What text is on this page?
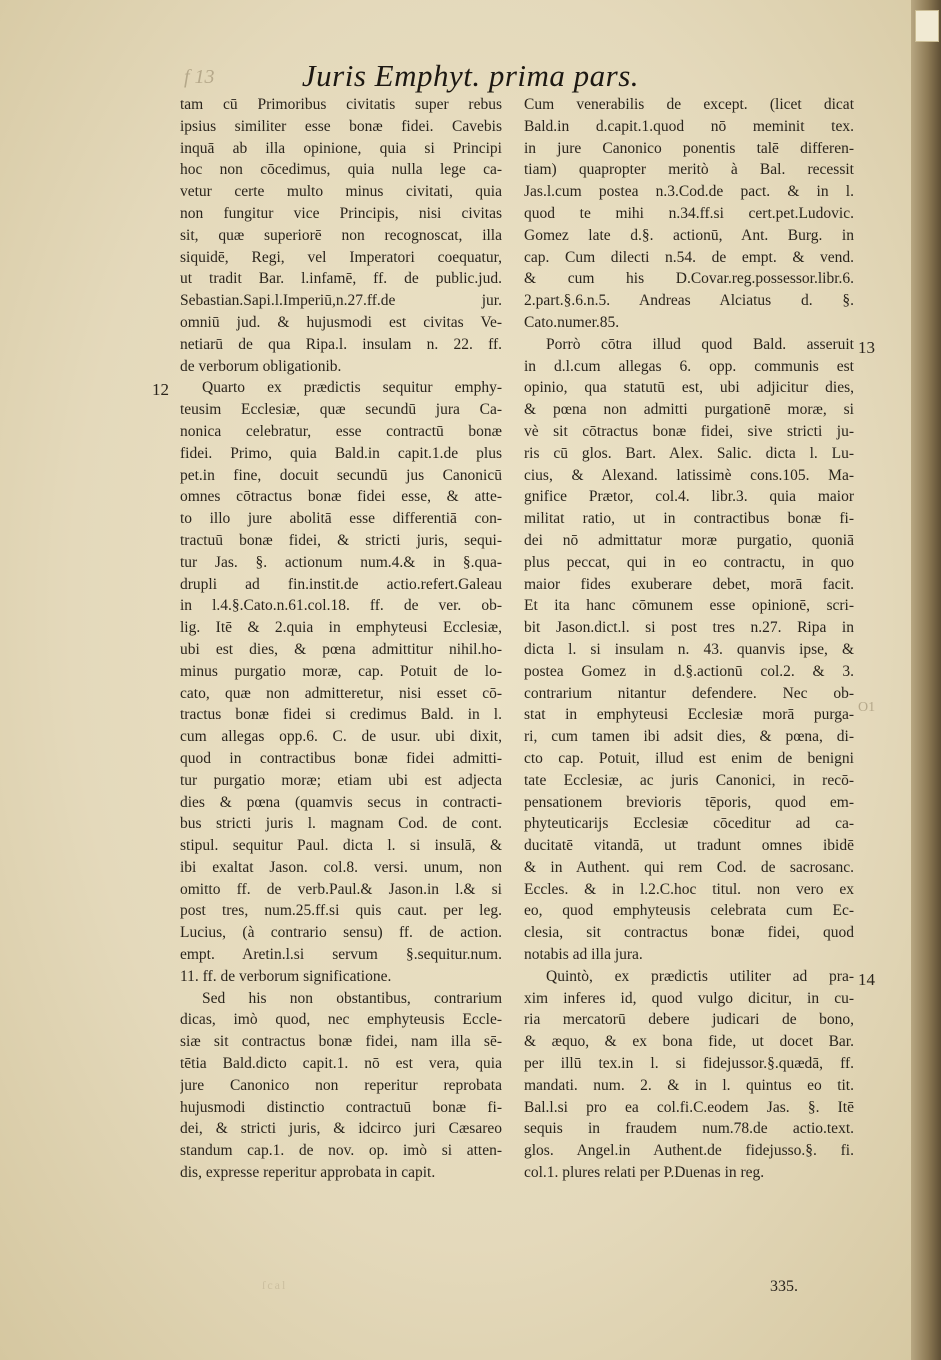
f 13	Juris Emphyt. prima pars.
tam cū Primoribus civitatis super rebus
ipsius similiter esse bonæ fidei. Cavebis
inquā ab illa opinione, quia si Principi
hoc non cōcedimus, quia nulla lege ca-
vetur certe multo minus civitati, quia
non fungitur vice Principis, nisi civitas
sit, quæ superiorē non recognoscat, illa
siquidē, Regi, vel Imperatori coequatur,
ut tradit Bar. l.infamē, ff. de public.jud.
Sebastian.Sapi.l.Imperiū,n.27.ff.de jur.
omniū jud. & hujusmodi est civitas Ve-
netiarū de qua Ripa.l. insulam n. 22. ff.
de verborum obligationib.
Quarto ex prædictis sequitur emphy-
teusim Ecclesiæ, quæ secundū jura Ca-
nonica celebratur, esse contractū bonæ
fidei. Primo, quia Bald.in capit.1.de plus
pet.in fine, docuit secundū jus Canonicū
omnes cōtractus bonæ fidei esse, & atte-
to illo jure abolitā esse differentiā con-
tractuū bonæ fidei, & stricti juris, sequi-
tur Jas. §. actionum num.4.& in §.qua-
drupli ad fin.instit.de actio.refert.Galeau
in l.4.§.Cato.n.61.col.18. ff. de ver. ob-
lig. Itē & 2.quia in emphyteusi Ecclesiæ,
ubi est dies, & pœna admittitur nihil.ho-
minus purgatio moræ, cap. Potuit de lo-
cato, quæ non admitteretur, nisi esset cō-
tractus bonæ fidei si credimus Bald. in l.
cum allegas opp.6. C. de usur. ubi dixit,
quod in contractibus bonæ fidei admitti-
tur purgatio moræ; etiam ubi est adjecta
dies & pœna (quamvis secus in contracti-
bus stricti juris l. magnam Cod. de cont.
stipul. sequitur Paul. dicta l. si insulā, &
ibi exaltat Jason. col.8. versi. unum, non
omitto ff. de verb.Paul.& Jason.in l.& si
post tres, num.25.ff.si quis caut. per leg.
Lucius, (à contrario sensu) ff. de action.
empt. Aretin.l.si servum §.sequitur.num.
11. ff. de verborum significatione.
Sed his non obstantibus, contrarium
dicas, imò quod, nec emphyteusis Eccle-
siæ sit contractus bonæ fidei, nam illa sē-
tētia Bald.dicto capit.1. nō est vera, quia
jure Canonico non reperitur reprobata
hujusmodi distinctio contractuū bonæ fi-
dei, & stricti juris, & idcirco juri Cæsareo
standum cap.1. de nov. op. imò si atten-
dis, expresse reperitur approbata in capit.
Cum venerabilis de except. (licet dicat
Bald.in d.capit.1.quod nō meminit tex.
in jure Canonico ponentis talē differen-
tiam) quapropter meritò à Bal. recessit
Jas.l.cum postea n.3.Cod.de pact. & in l.
quod te mihi n.34.ff.si cert.pet.Ludovic.
Gomez late d.§. actionū, Ant. Burg. in
cap. Cum dilecti n.54. de empt. & vend.
& cum his D.Covar.reg.possessor.libr.6.
2.part.§.6.n.5. Andreas Alciatus d. §.
Cato.numer.85.
Porrò cōtra illud quod Bald. asseruit
in d.l.cum allegas 6. opp. communis est
opinio, qua statutū est, ubi adjicitur dies,
& pœna non admitti purgationē moræ, si
vè sit cōtractus bonæ fidei, sive stricti ju-
ris cū glos. Bart. Alex. Salic. dicta l. Lu-
cius, & Alexand. latissimè cons.105. Ma-
gnifice Prætor, col.4. libr.3. quia maior
militat ratio, ut in contractibus bonæ fi-
dei nō admittatur moræ purgatio, quoniā
plus peccat, qui in eo contractu, in quo
maior fides exuberare debet, morā facit.
Et ita hanc cōmunem esse opinionē, scri-
bit Jason.dict.l. si post tres n.27. Ripa in
dicta l. si insulam n. 43. quanvis ipse, &
postea Gomez in d.§.actionū col.2. & 3.
contrarium nitantur defendere. Nec ob-
stat in emphyteusi Ecclesiæ morā purga-
ri, cum tamen ibi adsit dies, & pœna, di-
cto cap. Potuit, illud est enim de benigni
tate Ecclesiæ, ac juris Canonici, in recō-
pensationem brevioris tēporis, quod em-
phyteuticarijs Ecclesiæ cōceditur ad ca-
ducitatē vitandā, ut tradunt omnes ibidē
& in Authent. qui rem Cod. de sacrosanc.
Eccles. & in l.2.C.hoc titul. non vero ex
eo, quod emphyteusis celebrata cum Ec-
clesia, sit contractus bonæ fidei, quod
notabis ad illa jura.
Quintò, ex prædictis utiliter ad pra-
xim inferes id, quod vulgo dicitur, in cu-
ria mercatorū debere judicari de bono,
& æquo, & ex bona fide, ut docet Bar.
per illū tex.in l. si fidejussor.§.quædā, ff.
mandati. num. 2. & in l. quintus eo tit.
Bal.l.si pro ea col.fi.C.eodem Jas. §. Itē
sequis in fraudem num.78.de actio.text.
glos. Angel.in Authent.de fidejusso.§. fi.
col.1. plures relati per P.Duenas in reg.
12
13
14
O1
ſcal	335.
